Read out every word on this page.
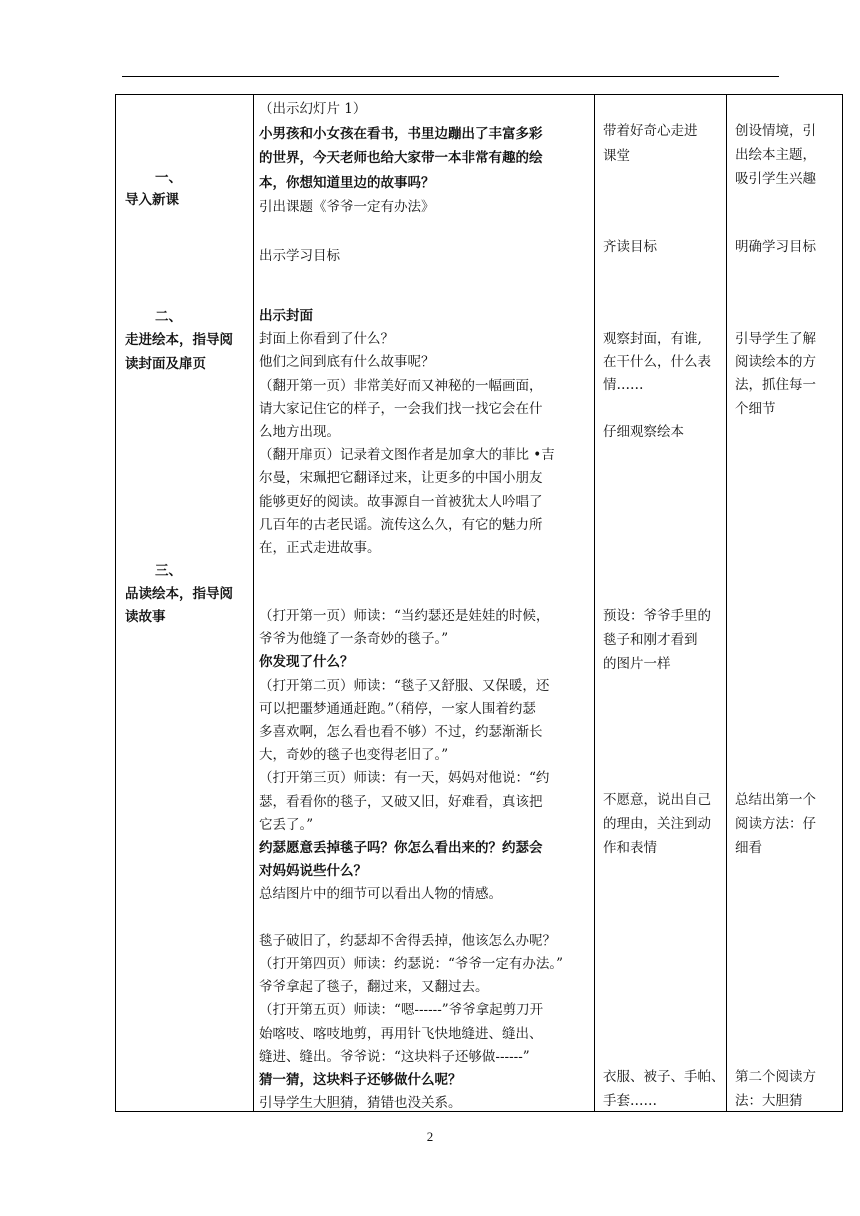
一、
导入新课
二、
走进绘本，指导阅
读封面及扉页
三、
品读绘本，指导阅
读故事
（出示幻灯片 1）
小男孩和小女孩在看书，书里边蹦出了丰富多彩
的世界，今天老师也给大家带一本非常有趣的绘
本，你想知道里边的故事吗？
引出课题《爷爷一定有办法》
出示学习目标
出示封面
封面上你看到了什么？
他们之间到底有什么故事呢？
（翻开第一页）非常美好而又神秘的一幅画面，
请大家记住它的样子，一会我们找一找它会在什
么地方出现。
（翻开扉页）记录着文图作者是加拿大的菲比 •吉
尔曼，宋珮把它翻译过来，让更多的中国小朋友
能够更好的阅读。故事源自一首被犹太人吟唱了
几百年的古老民谣。流传这么久，有它的魅力所
在，正式走进故事。
（打开第一页）师读：“当约瑟还是娃娃的时候，
爷爷为他缝了一条奇妙的毯子。”
你发现了什么？
（打开第二页）师读：“毯子又舒服、又保暖，还
可以把噩梦通通赶跑。”（稍停，一家人围着约瑟
多喜欢啊，怎么看也看不够）不过，约瑟渐渐长
大，奇妙的毯子也变得老旧了。”
（打开第三页）师读：有一天，妈妈对他说：“约
瑟，看看你的毯子，又破又旧，好难看，真该把
它丢了。”
约瑟愿意丢掉毯子吗？你怎么看出来的？约瑟会
对妈妈说些什么？
总结图片中的细节可以看出人物的情感。
毯子破旧了，约瑟却不舍得丢掉，他该怎么办呢？
（打开第四页）师读：约瑟说：“爷爷一定有办法。”
爷爷拿起了毯子，翻过来，又翻过去。
（打开第五页）师读：“嗯------”爷爷拿起剪刀开
始喀吱、喀吱地剪，再用针飞快地缝进、缝出、
缝进、缝出。爷爷说：“这块料子还够做------”
猜一猜，这块料子还够做什么呢？
引导学生大胆猜，猜错也没关系。
带着好奇心走进
课堂
齐读目标
观察封面，有谁,
在干什么，什么表
情……
仔细观察绘本
预设：爷爷手里的
毯子和刚才看到
的图片一样
不愿意，说出自己
的理由，关注到动
作和表情
衣服、被子、手帕、
手套……
创设情境，引
出绘本主题，
吸引学生兴趣
明确学习目标
引导学生了解
阅读绘本的方
法，抓住每一
个细节
总结出第一个
阅读方法：仔
细看
第二个阅读方
法：大胆猜
2
